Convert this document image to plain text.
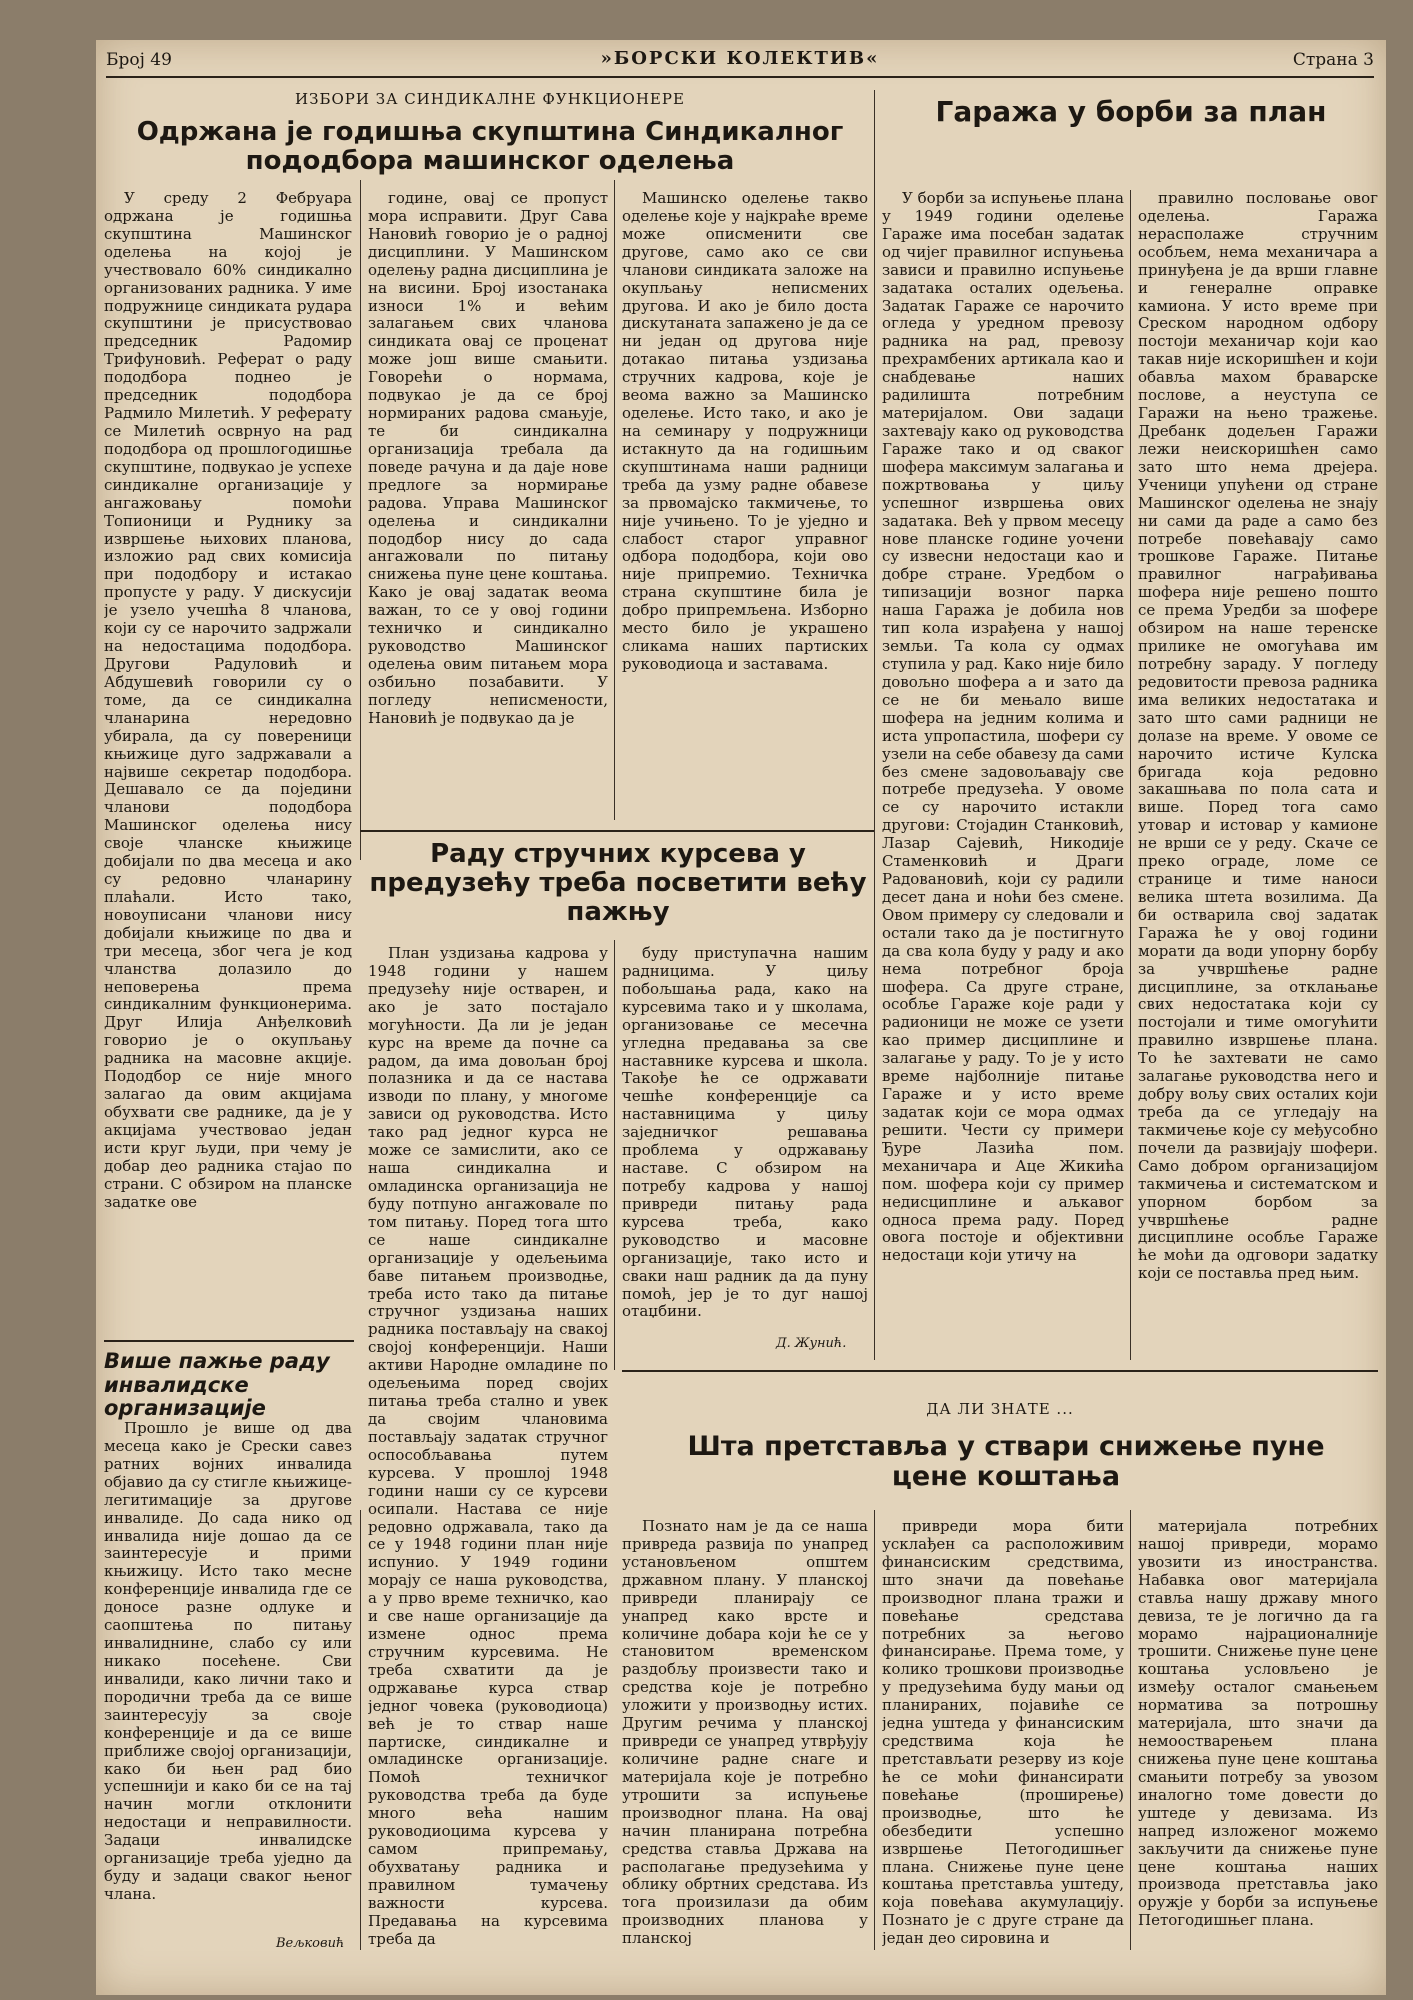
Број 49	»БОРСКИ КОЛЕКТИВ«	Страна 3
ИЗБОРИ ЗА СИНДИКАЛНЕ ФУНКЦИОНЕРЕ
Одржана је годишња скупштина Синдикалног пододбора машинског оделења

У среду 2 Фебруара одржана је годишња скупштина Машинског оделења на којој је учествовало 60% синдикално организованих радника. У име подружнице синдиката рудара скупштини је присуствовао председник Радомир Трифуновић. Реферат о раду пододбора поднео је председник пододбора Радмило Милетић. У реферату се Милетић осврнуо на рад пододбора од прошлогодишње скупштине, подвукао је успехе синдикалне организације у ангажовању помоћи Топионици и Руднику за извршење њихових планова, изложио рад свих комисија при пододбору и истакао пропусте у раду. У дискусији је узело учешћа 8 чланова, који су се нарочито задржали на недостацима пододбора. Другови Радуловић и Абдушевић говорили су о томе, да се синдикална чланарина нередовно убирала, да су повереници књижице дуго задржавали а највише секретар пододбора. Дешавало се да поједини чланови пододбора Машинског оделења нису своје чланске књижице добијали по два месеца и ако су редовно чланарину плаћали. Исто тако, новоуписани чланови нису добијали књижице по два и три месеца, због чега је код чланства долазило до неповерења према синдикалним функционерима. Друг Илија Анђелковић говорио је о окупљању радника на масовне акције. Пододбор се није много залагао да овим акцијама обухвати све раднике, да је у акцијама учествовао један исти круг људи, при чему је добар део радника стајао по страни. С обзиром на планске задатке ове

године, овај се пропуст мора исправити. Друг Сава Нановић говорио је о радној дисциплини. У Машинском оделењу радна дисциплина је на висини. Број изостанака износи 1% и већим залагањем свих чланова синдиката овај се проценат може још више смањити. Говорећи о нормама, подвукао је да се број нормираних радова смањује, те би синдикална организација требала да поведе рачуна и да даје нове предлоге за нормирање радова. Управа Машинског оделења и синдикални пододбор нису до сада ангажовали по питању снижења пуне цене коштања. Како је овај задатак веома важан, то се у овој години техничко и синдикално руководство Машинског оделења овим питањем мора озбиљно позабавити. У погледу неписмености, Нановић је подвукао да је

Машинско оделење такво оделење које у најкраће време може описменити све другове, само ако се сви чланови синдиката заложе на окупљању неписмених другова. И ако је било доста дискутаната запажено је да се ни један од другова није дотакао питања уздизања стручних кадрова, које је веома важно за Машинско оделење. Исто тако, и ако је на семинару у подружници истакнуто да на годишњим скупштинама наши радници треба да узму радне обавезе за првомајско такмичење, то није учињено. То је уједно и слабост старог управног одбора пододбора, који ово није припремио. Техничка страна скупштине била је добро припремљена. Изборно место било је украшено сликама наших партиских руководиоца и заставама.

Гаража у борби за план

У борби за испуњење плана у 1949 години оделење Гараже има посебан задатак од чијег правилног испуњења зависи и правилно испуњење задатака осталих одељења. Задатак Гараже се нарочито огледа у уредном превозу радника на рад, превозу прехрамбених артикала као и снабдевање наших радилишта потребним материјалом. Ови задаци захтевају како од руководства Гараже тако и од сваког шофера максимум залагања и пожртвовања у циљу успешног извршења ових задатака. Већ у првом месецу нове планске године уочени су извесни недостаци као и добре стране. Уредбом о типизацији возног парка наша Гаража је добила нов тип кола израђена у нашој земљи. Та кола су одмах ступила у рад. Како није било довољно шофера а и зато да се не би мењало више шофера на једним колима и иста упропастила, шофери су узели на себе обавезу да сами без смене задовољавају све потребе предузећа. У овоме се су нарочито истакли другови: Стојадин Станковић, Лазар Сајевић, Никодије Стаменковић и Драги Радовановић, који су радили десет дана и ноћи без смене. Овом примеру су следовали и остали тако да је постигнуто да сва кола буду у раду и ако нема потребног броја шофера. Са друге стране, особље Гараже које ради у радионици не може се узети као пример дисциплине и залагање у раду. То је у исто време најболније питање Гараже и у исто време задатак који се мора одмах решити. Чести су примери Ђуре Лазића пом. механичара и Аце Жикића пом. шофера који су пример недисциплине и аљкавог односа према раду. Поред овога постоје и објективни недостаци који утичу на

правилно пословање овог оделења. Гаража нерасполаже стручним особљем, нема механичара а принуђена је да врши главне и генералне оправке камиона. У исто време при Среском народном одбору постоји механичар који као такав није искоришћен и који обавља махом браварске послове, а неуступа се Гаражи на њено тражење. Дребанк додељен Гаражи лежи неискоришћен само зато што нема дрејера. Ученици упућени од стране Машинског оделења не знају ни сами да раде а само без потребе повећавају само трошкове Гараже. Питање правилног награђивања шофера није решено пошто се према Уредби за шофере обзиром на наше теренске прилике не омогућава им потребну зараду. У погледу редовитости превоза радника има великих недостатака и зато што сами радници не долазе на време. У овоме се нарочито истиче Кулска бригада која редовно закашњава по пола сата и више. Поред тога само утовар и истовар у камионе не врши се у реду. Скаче се преко ограде, ломе се странице и тиме наноси велика штета возилима. Да би остварила свој задатак Гаража ће у овој години морати да води упорну борбу за учвршћење радне дисциплине, за отклањање свих недостатака који су постојали и тиме омогућити правилно извршење плана. То ће захтевати не само залагање руководства него и добру вољу свих осталих који треба да се угледају на такмичење које су међусобно почели да развијају шофери. Само добром организацијом такмичења и систематском и упорном борбом за учвршћење радне дисциплине особље Гараже ће моћи да одговори задатку који се поставља пред њим.

Раду стручних курсева у предузећу треба посветити већу пажњу

План уздизања кадрова у 1948 години у нашем предузећу није остварен, и ако је зато постајало могућности. Да ли је један курс на време да почне са радом, да има довољан број полазника и да се настава изводи по плану, у многоме зависи од руководства. Исто тако рад једног курса не може се замислити, ако се наша синдикална и омладинска организација не буду потпуно ангажовале по том питању. Поред тога што се наше синдикалне организације у одељењима баве питањем производње, треба исто тако да питање стручног уздизања наших радника постављају на свакој својој конференцији. Наши активи Народне омладине по одељењима поред својих питања треба стално и увек да својим члановима постављају задатак стручног оспособљавања путем курсева. У прошлој 1948 години наши су се курсеви осипали. Настава се није редовно одржавала, тако да се у 1948 години план није испунио. У 1949 години морају се наша руководства, а у прво време техничко, као и све наше организације да измене однос према стручним курсевима. Не треба схватити да је одржавање курса ствар једног човека (руководиоца) већ је то ствар наше партиске, синдикалне и омладинске организације. Помоћ техничког руководства треба да буде много већа нашим руководиоцима курсева у самом припремању, обухватању радника и правилном тумачењу важности курсева. Предавања на курсевима треба да

буду приступачна нашим радницима. У циљу побољшања рада, како на курсевима тако и у школама, организовање се месечна угледна предавања за све наставнике курсева и школа. Такође ће се одржавати чешће конференције са наставницима у циљу заједничког решавања проблема у одржавању наставе. С обзиром на потребу кадрова у нашој привреди питању рада курсева треба, како руководство и масовне организације, тако исто и сваки наш радник да да пуну помоћ, јер је то дуг нашој отаџбини.

Д. Жунић.
Више пажње раду инвалидске организације

Прошло је више од два месеца како је Срески савез ратних војних инвалида објавио да су стигле књижице-легитимације за другове инвалиде. До сада нико од инвалида није дошао да се заинтересује и прими књижицу. Исто тако месне конференције инвалида где се доносе разне одлуке и саопштења по питању инвалиднине, слабо су или никако посећене. Сви инвалиди, како лични тако и породични треба да се више заинтересују за своје конференције и да се више приближе својој организацији, како би њен рад био успешнији и како би се на тај начин могли отклонити недостаци и неправилности. Задаци инвалидске организације треба уједно да буду и задаци сваког њеног члана.

Вељковић
ДА ЛИ ЗНАТЕ ...
Шта претставља у ствари снижење пуне цене коштања

Познато нам је да се наша привреда развија по унапред установљеном општем државном плану. У планској привреди планирају се унапред како врсте и количине добара који ће се у становитом временском раздобљу произвести тако и средства које је потребно уложити у производњу истих. Другим речима у планској привреди се унапред утврђују количине радне снаге и материјала које је потребно утрошити за испуњење производног плана. На овај начин планирана потребна средства ставља Држава на располагање предузећима у облику обртних средстава. Из тога произилази да обим производних планова у планској

привреди мора бити усклађен са расположивим финансиским средствима, што значи да повећање производног плана тражи и повећање средстава потребних за његово финансирање. Према томе, у колико трошкови производње у предузећима буду мањи од планираних, појавиће се једна уштеда у финансиским средствима која ће претстављати резерву из које ће се моћи финансирати повећање (проширење) производње, што ће обезбедити успешно извршење Петогодишњег плана. Снижење пуне цене коштања претставља уштеду, која повећава акумулацију. Познато је с друге стране да један део сировина и

материјала потребних нашој привреди, морамо увозити из иностранства. Набавка овог материјала ставља нашу државу много девиза, те је логично да га морамо најрационалније трошити. Снижење пуне цене коштања условљено је између осталог смањењем норматива за потрошњу материјала, што значи да немоостварењем плана снижења пуне цене коштања смањити потребу за увозом иналогно томе довести до уштеде у девизама. Из напред изложеног можемо закључити да снижење пуне цене коштања наших производа претставља јако оружје у борби за испуњење Петогодишњег плана.
